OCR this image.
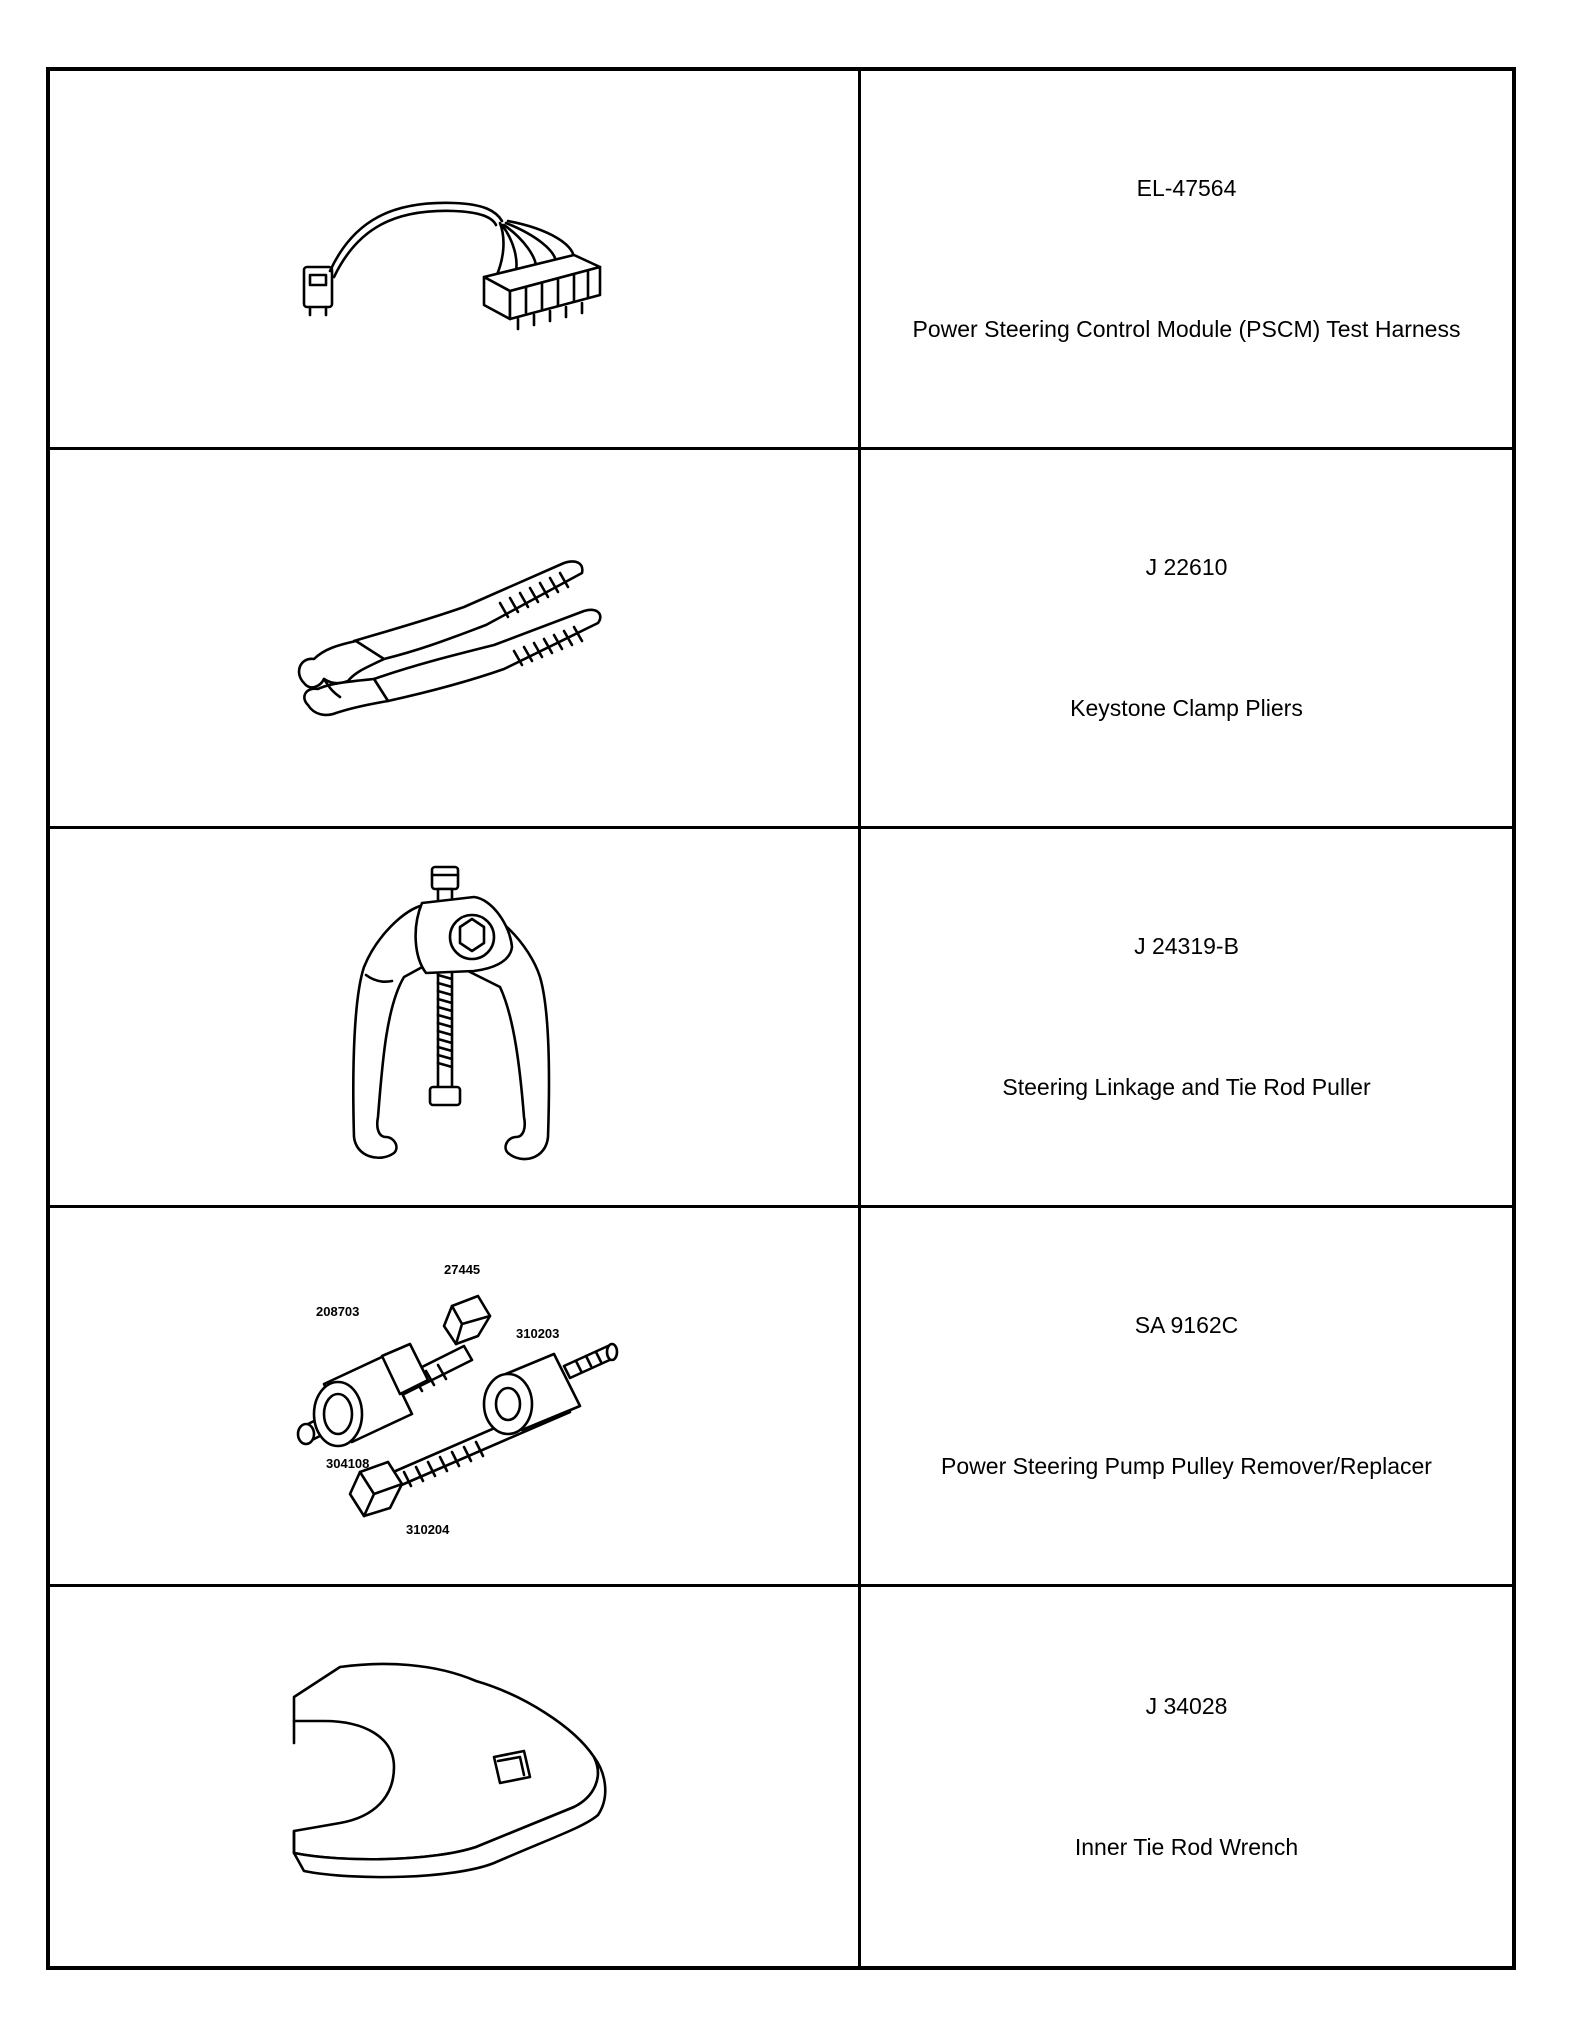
EL-47564
Power Steering Control Module (PSCM) Test Harness
J 22610
Keystone Clamp Pliers
J 24319-B
Steering Linkage and Tie Rod Puller
27445
208703
310203
304108
310204
SA 9162C
Power Steering Pump Pulley Remover/Replacer
J 34028
Inner Tie Rod Wrench
